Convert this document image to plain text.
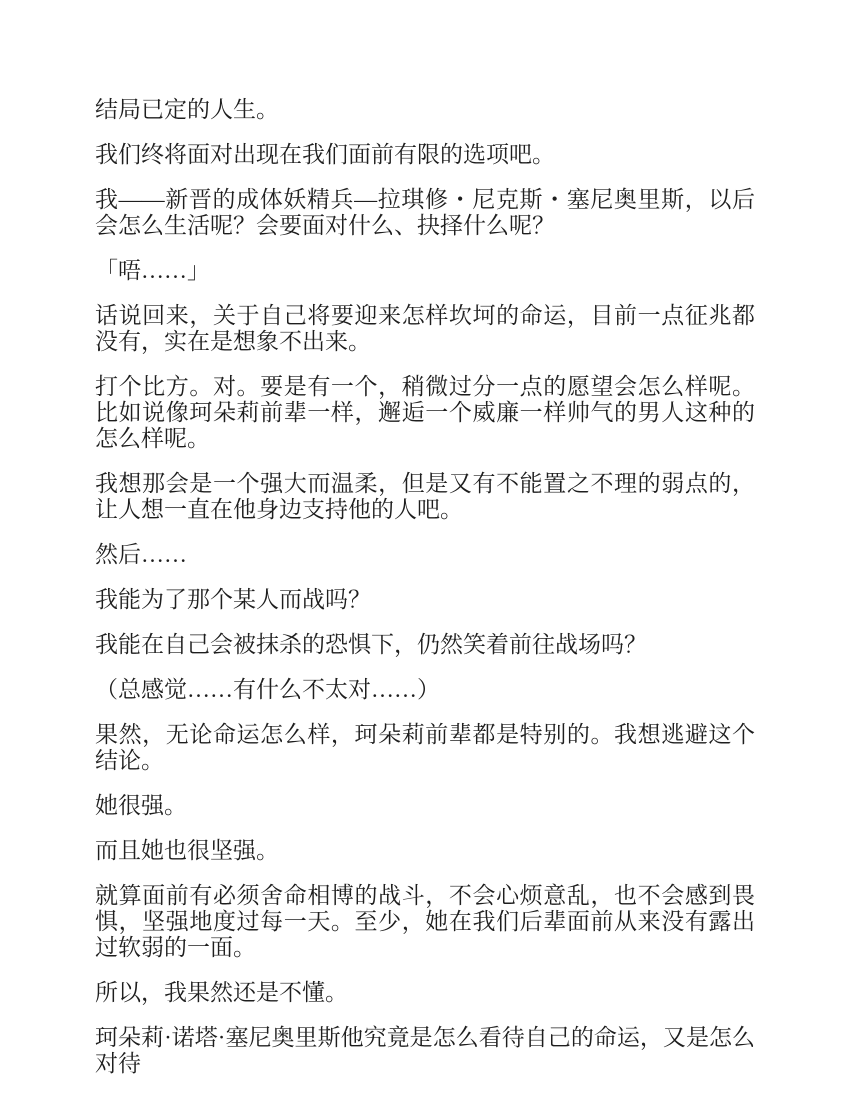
结局已定的人生。

我们终将面对出现在我们面前有限的选项吧。

我——新晋的成体妖精兵—拉琪修・尼克斯・塞尼奥里斯，以后会怎么生活呢？会要面对什么、抉择什么呢？

「唔……」

话说回来，关于自己将要迎来怎样坎坷的命运，目前一点征兆都没有，实在是想象不出来。

打个比方。对。要是有一个，稍微过分一点的愿望会怎么样呢。比如说像珂朵莉前辈一样，邂逅一个威廉一样帅气的男人这种的怎么样呢。

我想那会是一个强大而温柔，但是又有不能置之不理的弱点的，让人想一直在他身边支持他的人吧。

然后……

我能为了那个某人而战吗？

我能在自己会被抹杀的恐惧下，仍然笑着前往战场吗？

（总感觉……有什么不太对……）

果然，无论命运怎么样，珂朵莉前辈都是特别的。我想逃避这个结论。

她很强。

而且她也很坚强。

就算面前有必须舍命相博的战斗，不会心烦意乱，也不会感到畏惧，坚强地度过每一天。至少，她在我们后辈面前从来没有露出过软弱的一面。

所以，我果然还是不懂。

珂朵莉·诺塔·塞尼奥里斯他究竟是怎么看待自己的命运，又是怎么对待
